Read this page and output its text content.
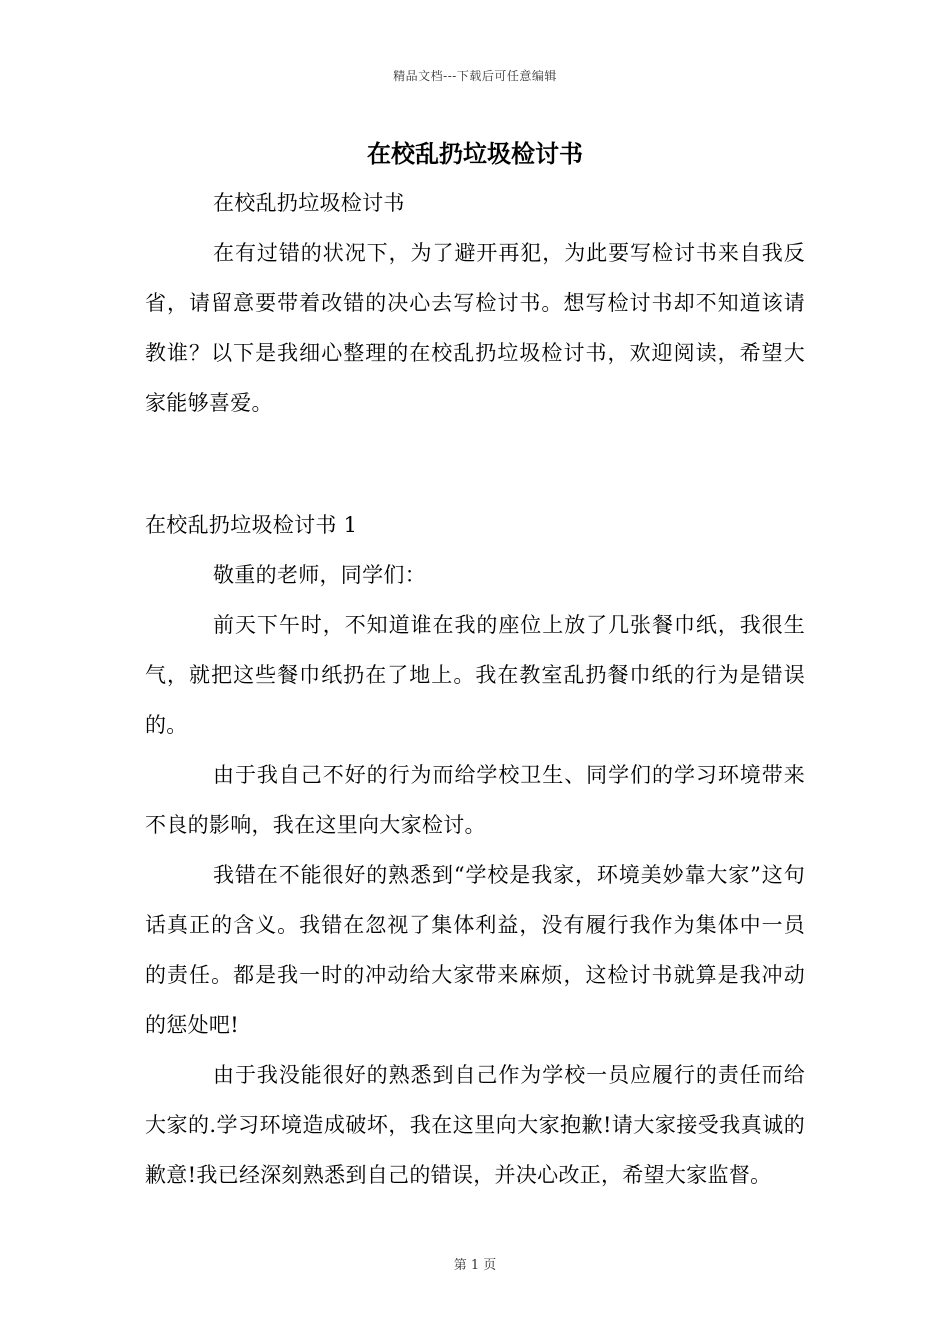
精品文档---下载后可任意编辑
在校乱扔垃圾检讨书

在校乱扔垃圾检讨书

在有过错的状况下，为了避开再犯，为此要写检讨书来自我反省，请留意要带着改错的决心去写检讨书。想写检讨书却不知道该请教谁？以下是我细心整理的在校乱扔垃圾检讨书，欢迎阅读，希望大家能够喜爱。

在校乱扔垃圾检讨书 1

敬重的老师，同学们：

前天下午时，不知道谁在我的座位上放了几张餐巾纸，我很生气，就把这些餐巾纸扔在了地上。我在教室乱扔餐巾纸的行为是错误的。

由于我自己不好的行为而给学校卫生、同学们的学习环境带来不良的影响，我在这里向大家检讨。

我错在不能很好的熟悉到“学校是我家，环境美妙靠大家”这句话真正的含义。我错在忽视了集体利益，没有履行我作为集体中一员的责任。都是我一时的冲动给大家带来麻烦，这检讨书就算是我冲动的惩处吧!

由于我没能很好的熟悉到自己作为学校一员应履行的责任而给大家的.学习环境造成破坏，我在这里向大家抱歉!请大家接受我真诚的歉意!我已经深刻熟悉到自己的错误，并决心改正，希望大家监督。

第 1 页
